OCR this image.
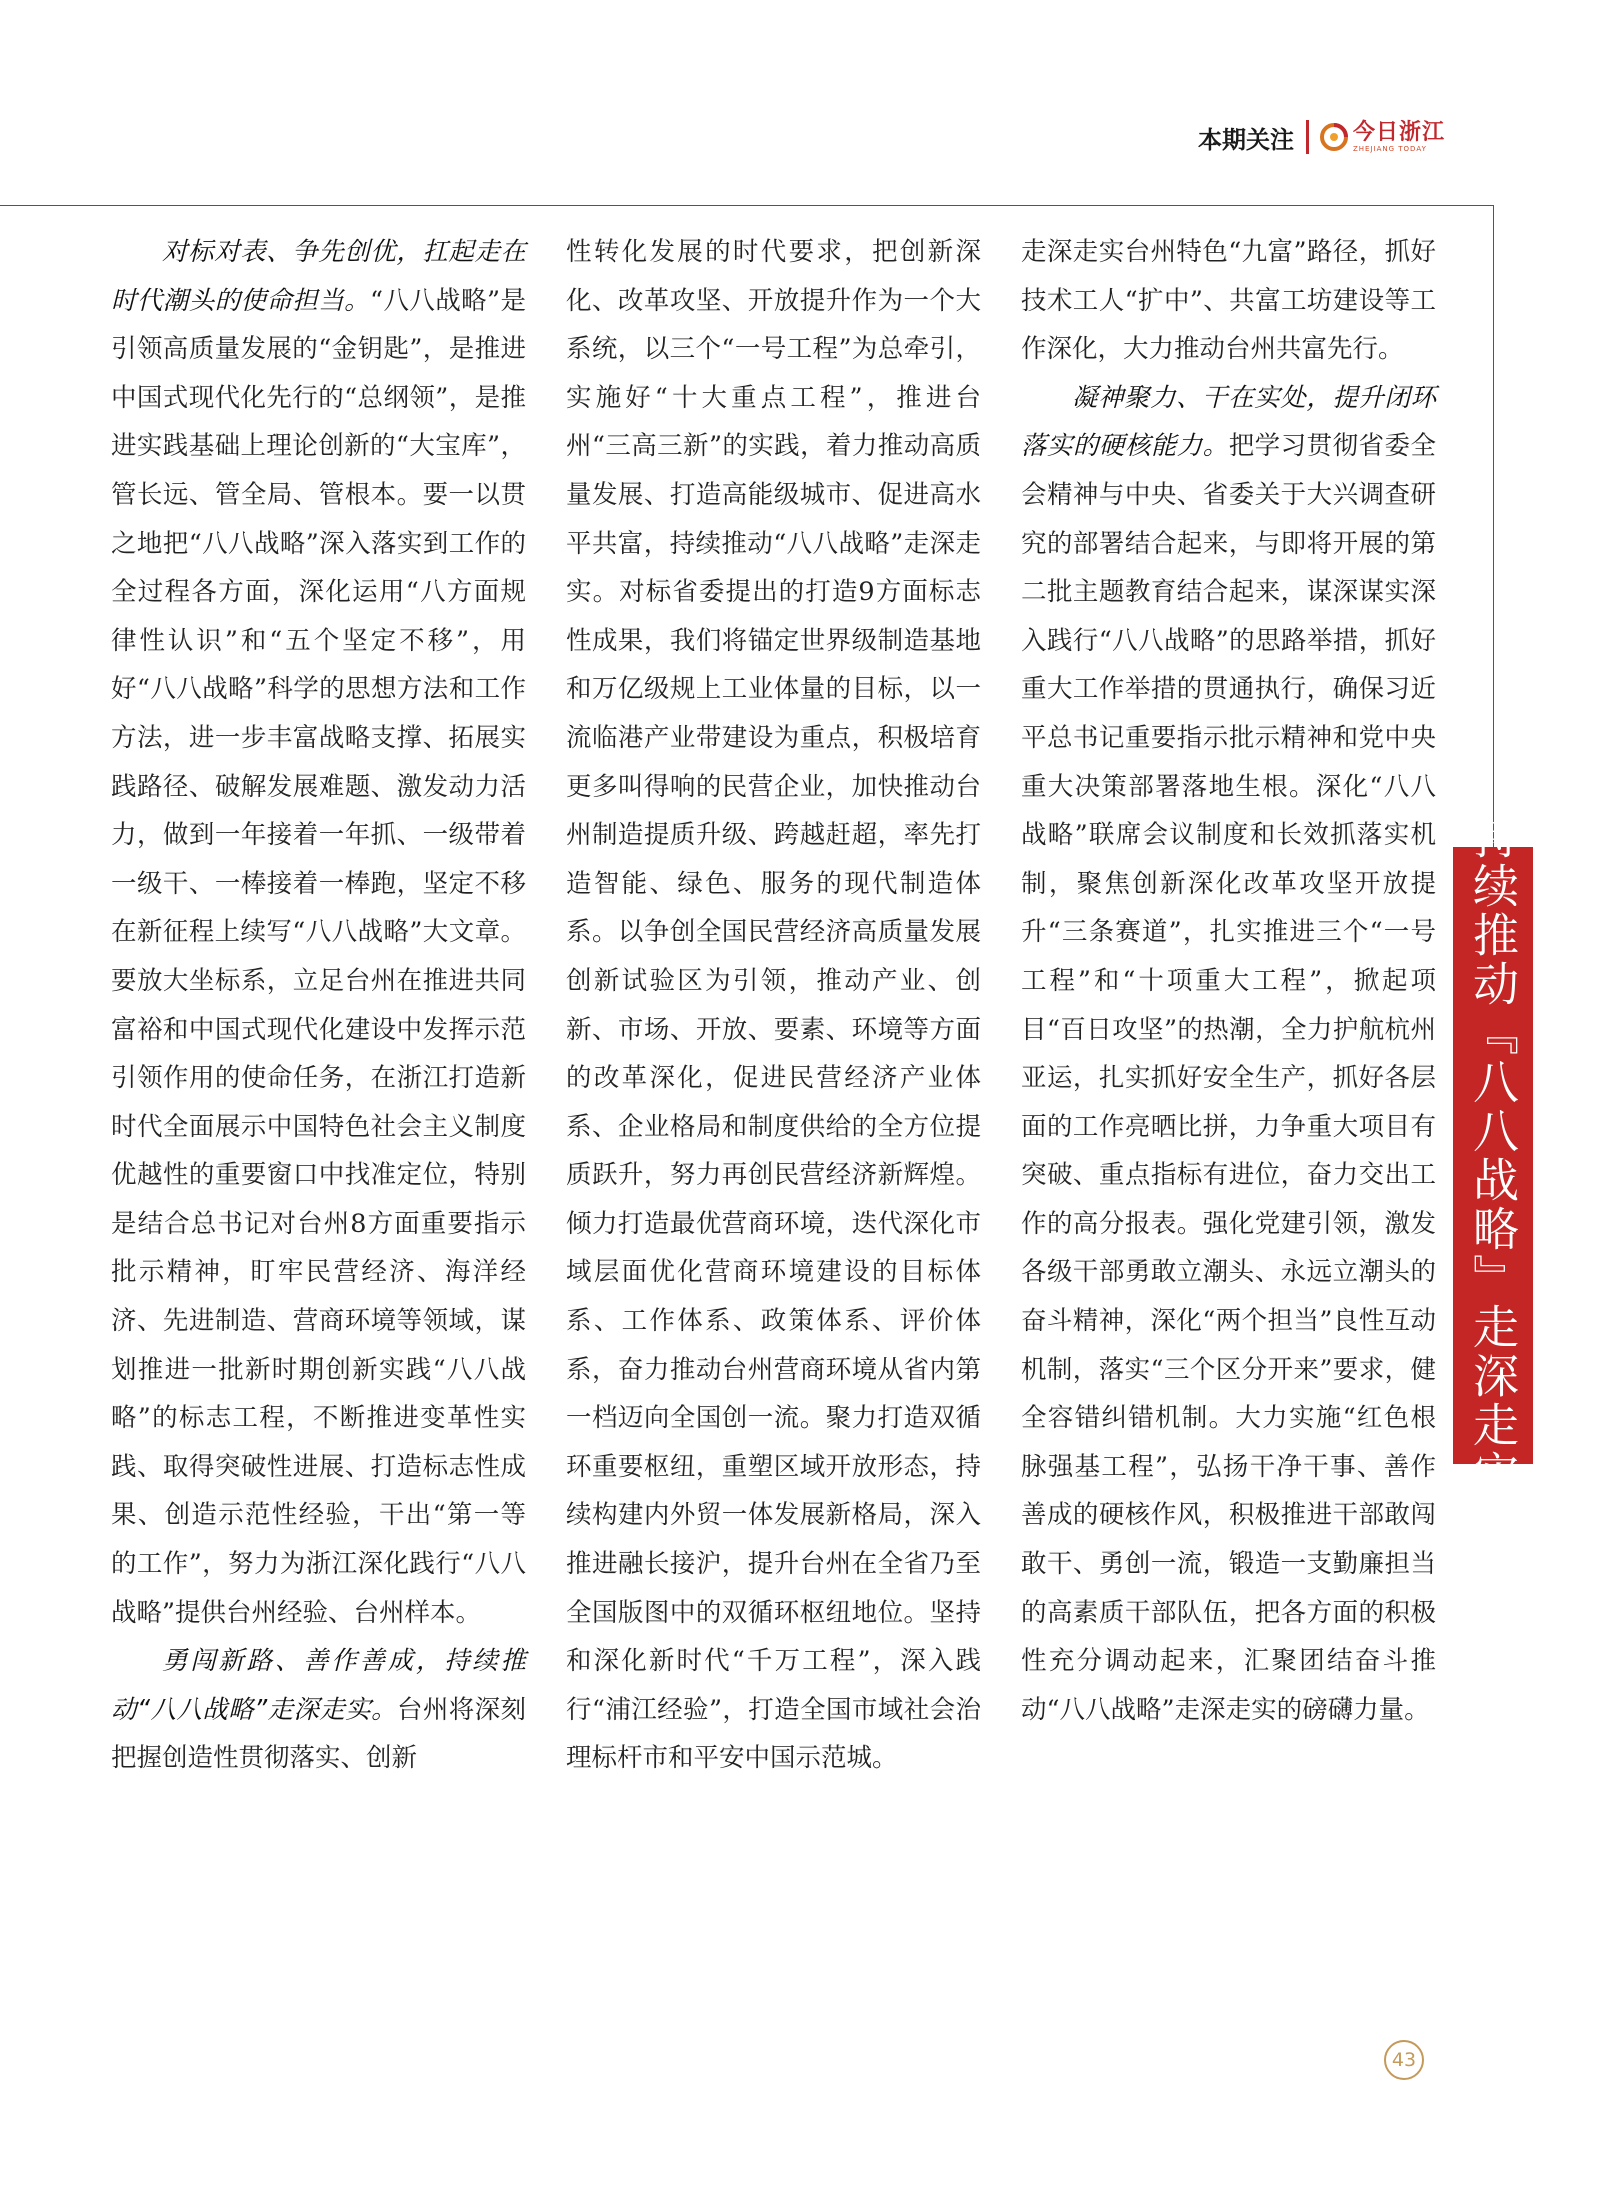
本期关注	今日浙江
ZHEJIANG TODAY

对标对表、争先创优，扛起走在时代潮头的使命担当。“八八战略”是引领高质量发展的“金钥匙”，是推进中国式现代化先行的“总纲领”，是推进实践基础上理论创新的“大宝库”，管长远、管全局、管根本。要一以贯之地把“八八战略”深入落实到工作的全过程各方面，深化运用“八方面规律性认识”和“五个坚定不移”，用好“八八战略”科学的思想方法和工作方法，进一步丰富战略支撑、拓展实践路径、破解发展难题、激发动力活力，做到一年接着一年抓、一级带着一级干、一棒接着一棒跑，坚定不移在新征程上续写“八八战略”大文章。要放大坐标系，立足台州在推进共同富裕和中国式现代化建设中发挥示范引领作用的使命任务，在浙江打造新时代全面展示中国特色社会主义制度优越性的重要窗口中找准定位，特别是结合总书记对台州8方面重要指示批示精神，盯牢民营经济、海洋经济、先进制造、营商环境等领域，谋划推进一批新时期创新实践“八八战略”的标志工程，不断推进变革性实践、取得突破性进展、打造标志性成果、创造示范性经验，干出“第一等的工作”，努力为浙江深化践行“八八战略”提供台州经验、台州样本。

勇闯新路、善作善成，持续推动“八八战略”走深走实。台州将深刻把握创造性贯彻落实、创新

性转化发展的时代要求，把创新深化、改革攻坚、开放提升作为一个大系统，以三个“一号工程”为总牵引，实施好“十大重点工程”，推进台州“三高三新”的实践，着力推动高质量发展、打造高能级城市、促进高水平共富，持续推动“八八战略”走深走实。对标省委提出的打造9方面标志性成果，我们将锚定世界级制造基地和万亿级规上工业体量的目标，以一流临港产业带建设为重点，积极培育更多叫得响的民营企业，加快推动台州制造提质升级、跨越赶超，率先打造智能、绿色、服务的现代制造体系。以争创全国民营经济高质量发展创新试验区为引领，推动产业、创新、市场、开放、要素、环境等方面的改革深化，促进民营经济产业体系、企业格局和制度供给的全方位提质跃升，努力再创民营经济新辉煌。倾力打造最优营商环境，迭代深化市域层面优化营商环境建设的目标体系、工作体系、政策体系、评价体系，奋力推动台州营商环境从省内第一档迈向全国创一流。聚力打造双循环重要枢纽，重塑区域开放形态，持续构建内外贸一体发展新格局，深入推进融长接沪，提升台州在全省乃至全国版图中的双循环枢纽地位。坚持和深化新时代“千万工程”，深入践行“浦江经验”，打造全国市域社会治理标杆市和平安中国示范城。

走深走实台州特色“九富”路径，抓好技术工人“扩中”、共富工坊建设等工作深化，大力推动台州共富先行。

凝神聚力、干在实处，提升闭环落实的硬核能力。把学习贯彻省委全会精神与中央、省委关于大兴调查研究的部署结合起来，与即将开展的第二批主题教育结合起来，谋深谋实深入践行“八八战略”的思路举措，抓好重大工作举措的贯通执行，确保习近平总书记重要指示批示精神和党中央重大决策部署落地生根。深化“八八战略”联席会议制度和长效抓落实机制，聚焦创新深化改革攻坚开放提升“三条赛道”，扎实推进三个“一号工程”和“十项重大工程”，掀起项目“百日攻坚”的热潮，全力护航杭州亚运，扎实抓好安全生产，抓好各层面的工作亮晒比拼，力争重大项目有突破、重点指标有进位，奋力交出工作的高分报表。强化党建引领，激发各级干部勇敢立潮头、永远立潮头的奋斗精神，深化“两个担当”良性互动机制，落实“三个区分开来”要求，健全容错纠错机制。大力实施“红色根脉强基工程”，弘扬干净干事、善作善成的硬核作风，积极推进干部敢闯敢干、勇创一流，锻造一支勤廉担当的高素质干部队伍，把各方面的积极性充分调动起来，汇聚团结奋斗推动“八八战略”走深走实的磅礴力量。

持续推动『八八战略』走深走实
43
